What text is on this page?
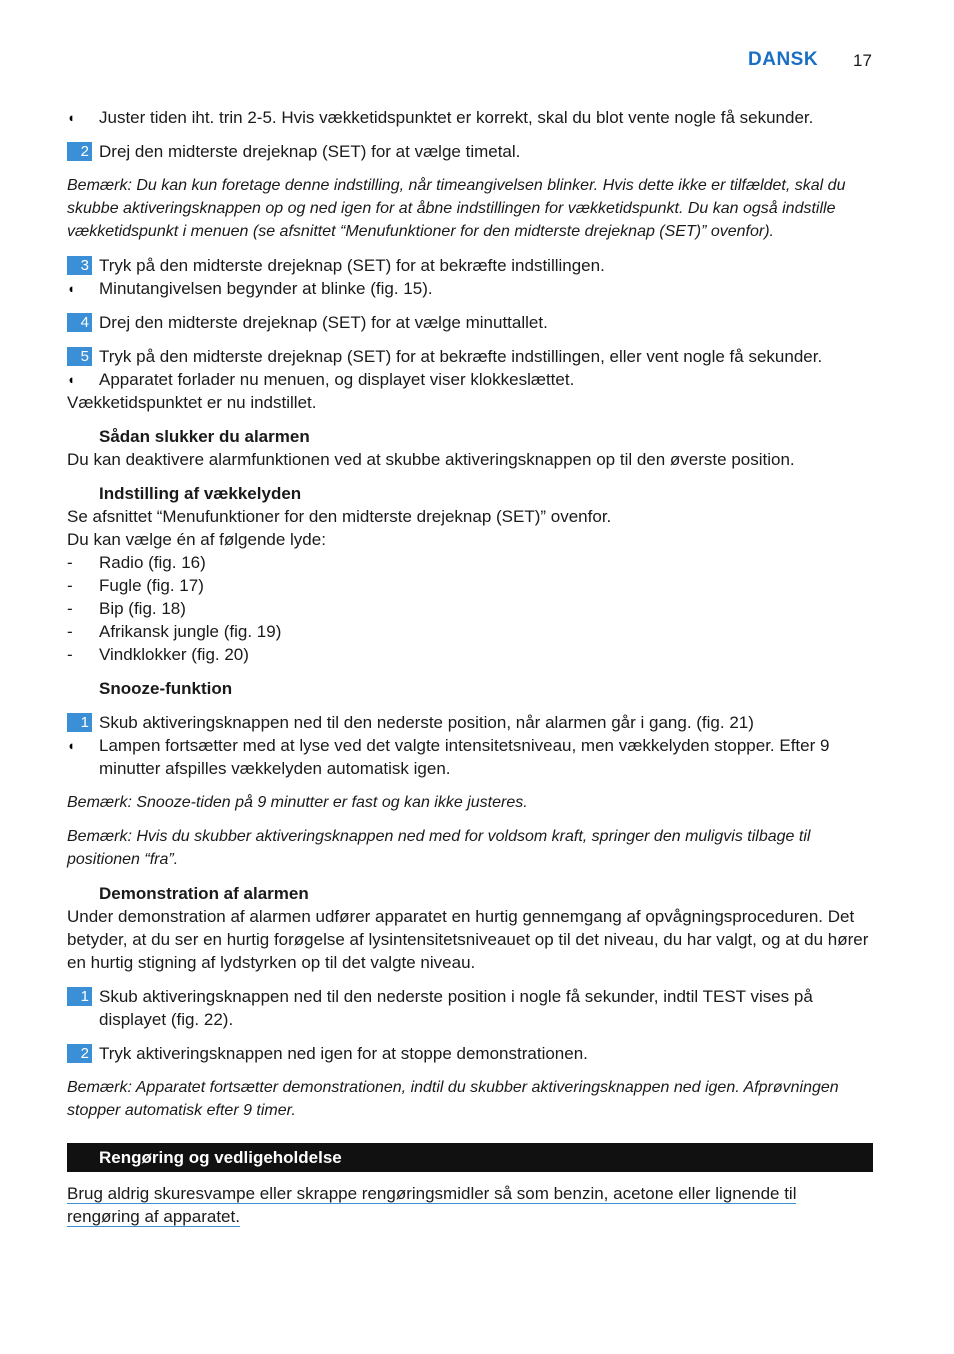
DANSK 17
◖ Juster tiden iht. trin 2-5. Hvis vækketidspunktet er korrekt, skal du blot vente nogle få sekunder.
2 Drej den midterste drejeknap (SET) for at vælge timetal.
Bemærk: Du kan kun foretage denne indstilling, når timeangivelsen blinker. Hvis dette ikke er tilfældet, skal du skubbe aktiveringsknappen op og ned igen for at åbne indstillingen for vækketidspunkt. Du kan også indstille vækketidspunkt i menuen (se afsnittet “Menufunktioner for den midterste drejeknap (SET)” ovenfor).
3 Tryk på den midterste drejeknap (SET) for at bekræfte indstillingen.
◖ Minutangivelsen begynder at blinke (fig. 15).
4 Drej den midterste drejeknap (SET) for at vælge minuttallet.
5 Tryk på den midterste drejeknap (SET) for at bekræfte indstillingen, eller vent nogle få sekunder.
◖ Apparatet forlader nu menuen, og displayet viser klokkeslættet.
Vækketidspunktet er nu indstillet.
Sådan slukker du alarmen
Du kan deaktivere alarmfunktionen ved at skubbe aktiveringsknappen op til den øverste position.
Indstilling af vækkelyden
Se afsnittet “Menufunktioner for den midterste drejeknap (SET)” ovenfor.
Du kan vælge én af følgende lyde:
- Radio (fig. 16)
- Fugle (fig. 17)
- Bip (fig. 18)
- Afrikansk jungle (fig. 19)
- Vindklokker (fig. 20)
Snooze-funktion
1 Skub aktiveringsknappen ned til den nederste position, når alarmen går i gang. (fig. 21)
◖ Lampen fortsætter med at lyse ved det valgte intensitetsniveau, men vækkelyden stopper. Efter 9 minutter afspilles vækkelyden automatisk igen.
Bemærk: Snooze-tiden på 9 minutter er fast og kan ikke justeres.
Bemærk: Hvis du skubber aktiveringsknappen ned med for voldsom kraft, springer den muligvis tilbage til positionen “fra”.
Demonstration af alarmen
Under demonstration af alarmen udfører apparatet en hurtig gennemgang af opvågningsproceduren. Det betyder, at du ser en hurtig forøgelse af lysintensitetsniveauet op til det niveau, du har valgt, og at du hører en hurtig stigning af lydstyrken op til det valgte niveau.
1 Skub aktiveringsknappen ned til den nederste position i nogle få sekunder, indtil TEST vises på displayet (fig. 22).
2 Tryk aktiveringsknappen ned igen for at stoppe demonstrationen.
Bemærk: Apparatet fortsætter demonstrationen, indtil du skubber aktiveringsknappen ned igen. Afprøvningen stopper automatisk efter 9 timer.
Rengøring og vedligeholdelse
Brug aldrig skuresvampe eller skrappe rengøringsmidler så som benzin, acetone eller lignende til rengøring af apparatet.
